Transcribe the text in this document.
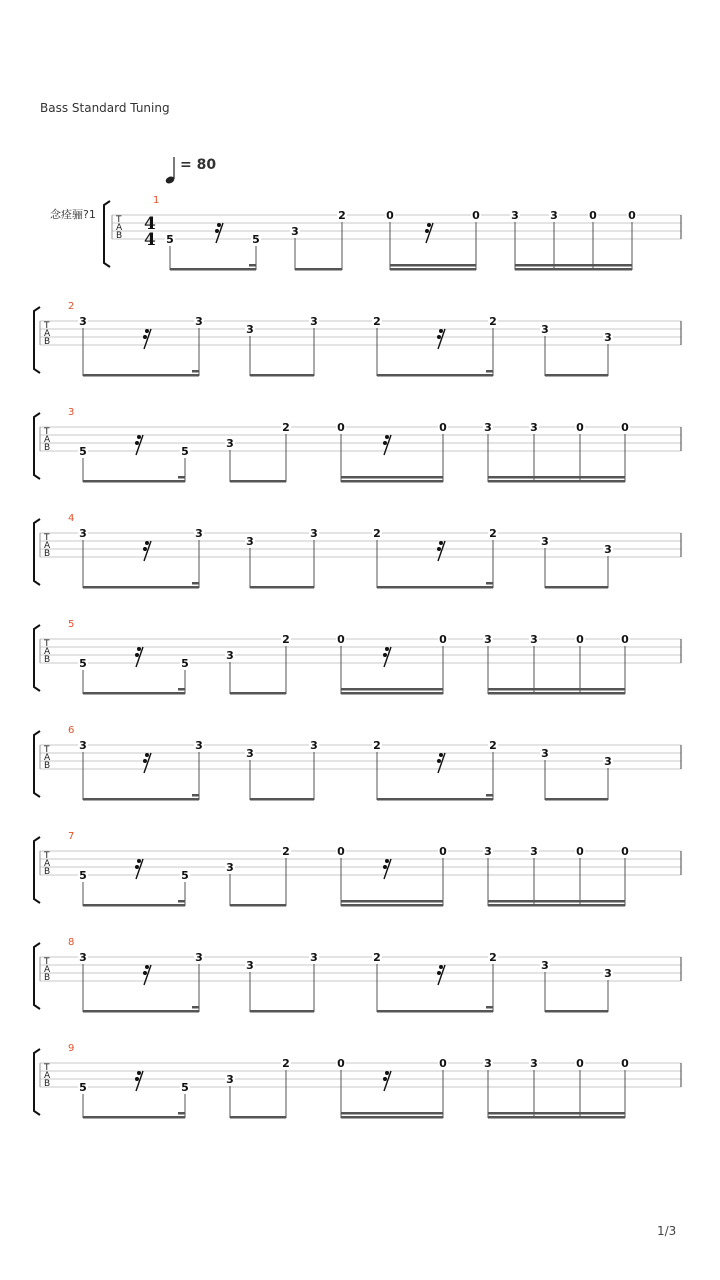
Bass Standard Tuning
= 80
念痊骊?1
1
T
A
B
4
4 5	5
3
2	0	0	3	3	0	0
2
T
A
B
3	3
3
3	2	2
3
3
3
T
A
B	5	5
3
2	0	0	3	3	0	0
4
T
A
B
3	3
3
3	2	2
3
3
5
T
A
B	5	5
3
2	0	0	3	3	0	0
6
T
A
B
3	3
3
3	2	2
3
3
7
T
A
B	5	5
3
2	0	0	3	3	0	0
8
T
A
B
3	3
3
3	2	2
3
3
9
T
A
B	5	5
3
2	0	0	3	3	0	0
1/3
